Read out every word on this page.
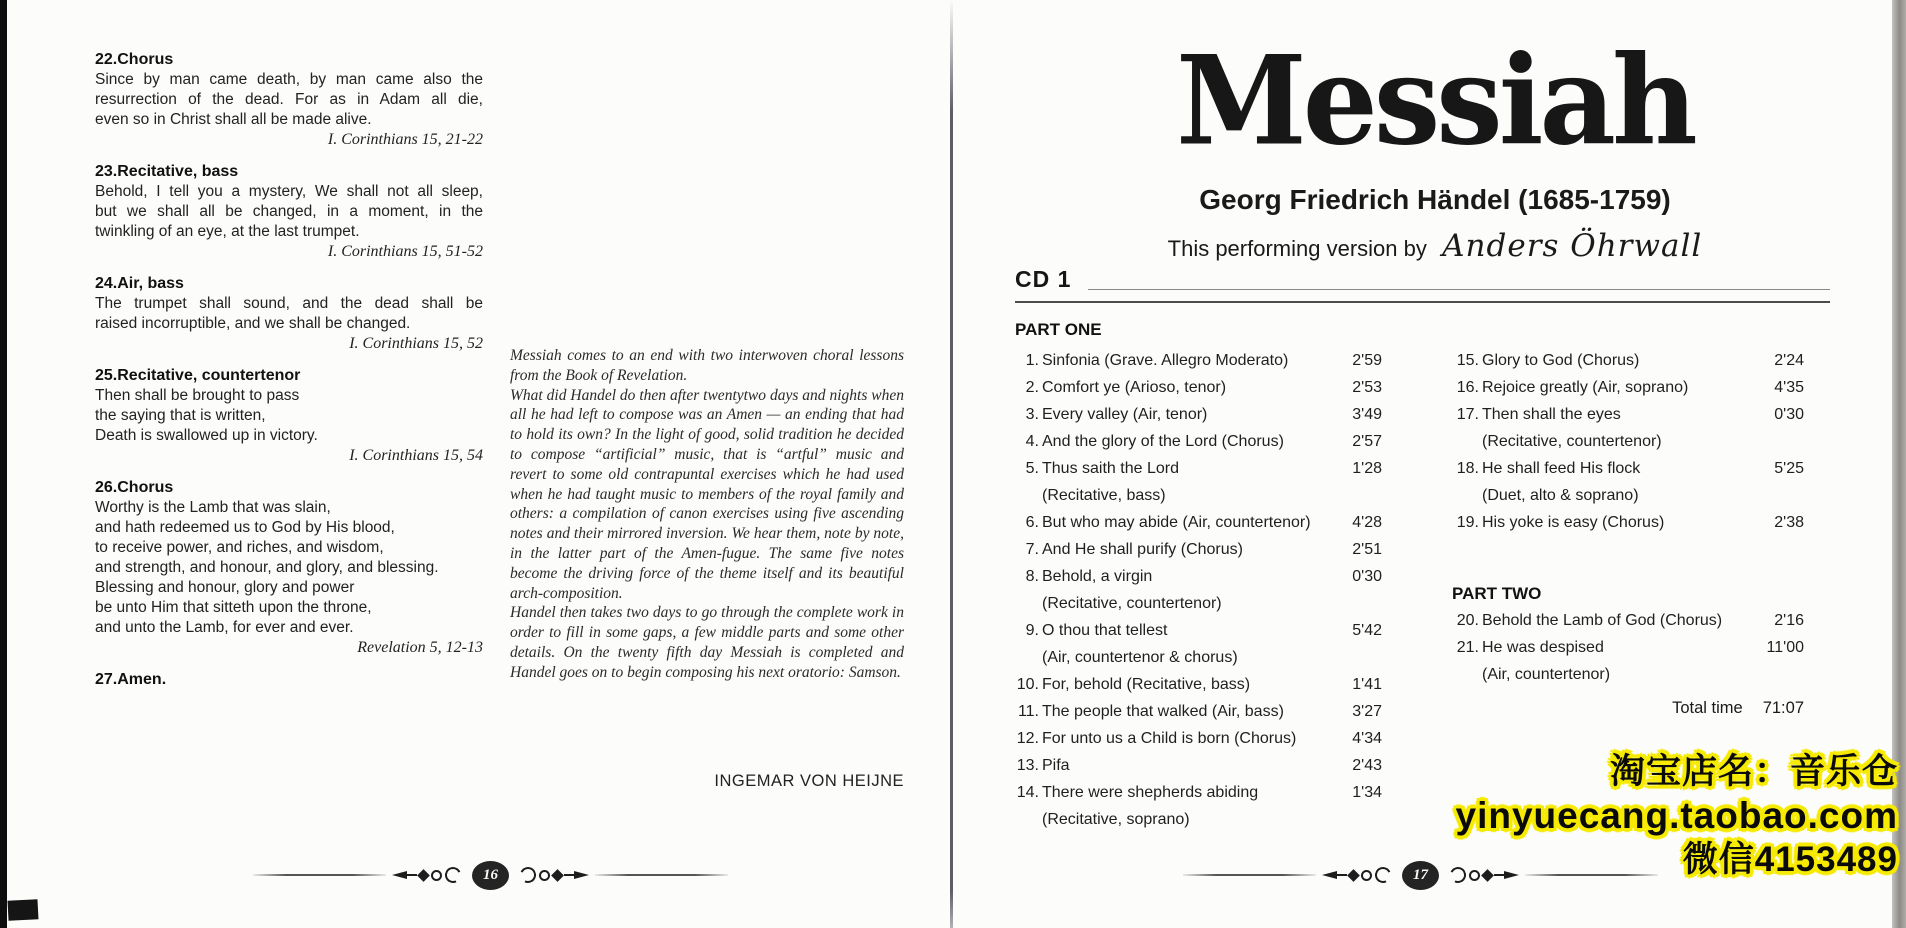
22.Chorus
Since by man came death, by man came also the
resurrection of the dead. For as in Adam all die,
even so in Christ shall all be made alive.
I. Corinthians 15, 21-22
23.Recitative, bass
Behold, I tell you a mystery, We shall not all sleep,
but we shall all be changed, in a moment, in the
twinkling of an eye, at the last trumpet.
I. Corinthians 15, 51-52
24.Air, bass
The trumpet shall sound, and the dead shall be
raised incorruptible, and we shall be changed.
I. Corinthians 15, 52
25.Recitative, countertenor
Then shall be brought to pass
the saying that is written,
Death is swallowed up in victory.
I. Corinthians 15, 54
26.Chorus
Worthy is the Lamb that was slain,
and hath redeemed us to God by His blood,
to receive power, and riches, and wisdom,
and strength, and honour, and glory, and blessing.
Blessing and honour, glory and power
be unto Him that sitteth upon the throne,
and unto the Lamb, for ever and ever.
Revelation 5, 12-13
27.Amen.

Messiah comes to an end with two interwoven choral lessons from the Book of Revelation.

What did Handel do then after twentytwo days and nights when all he had left to compose was an Amen — an ending that had to hold its own? In the light of good, solid tradition he decided to compose “artificial” music, that is “artful” music and revert to some old contrapuntal exercises which he had used when he had taught music to members of the royal family and others: a compilation of canon exercises using five ascending notes and their mirrored inversion. We hear them, note by note, in the latter part of the Amen-fugue. The same five notes become the driving force of the theme itself and its beautiful arch-composition.

Handel then takes two days to go through the complete work in order to fill in some gaps, a few middle parts and some other details. On the twenty fifth day Messiah is completed and Handel goes on to begin composing his next oratorio: Samson.

INGEMAR VON HEIJNE
16
Messiah
Georg Friedrich Händel (1685-1759)
This performing version by Anders Öhrwall
CD 1
PART ONE
1. Sinfonia (Grave. Allegro Moderato)	2'59
2. Comfort ye (Arioso, tenor)	2'53
3. Every valley (Air, tenor)	3'49
4. And the glory of the Lord (Chorus)	2'57
5. Thus saith the Lord	1'28
(Recitative, bass)
6. But who may abide (Air, countertenor)	4'28
7. And He shall purify (Chorus)	2'51
8. Behold, a virgin	0'30
(Recitative, countertenor)
9. O thou that tellest	5'42
(Air, countertenor & chorus)
10. For, behold (Recitative, bass)	1'41
11. The people that walked (Air, bass)	3'27
12. For unto us a Child is born (Chorus)	4'34
13. Pifa	2'43
14. There were shepherds abiding	1'34
(Recitative, soprano)
15. Glory to God (Chorus)	2'24
16. Rejoice greatly (Air, soprano)	4'35
17. Then shall the eyes	0'30
(Recitative, countertenor)
18. He shall feed His flock	5'25
(Duet, alto & soprano)
19. His yoke is easy (Chorus)	2'38
PART TWO
20. Behold the Lamb of God (Chorus)	2'16
21. He was despised	11'00
(Air, countertenor)
Total time 71:07
17
淘宝店名：音乐仓
yinyuecang.taobao.com
微信4153489
